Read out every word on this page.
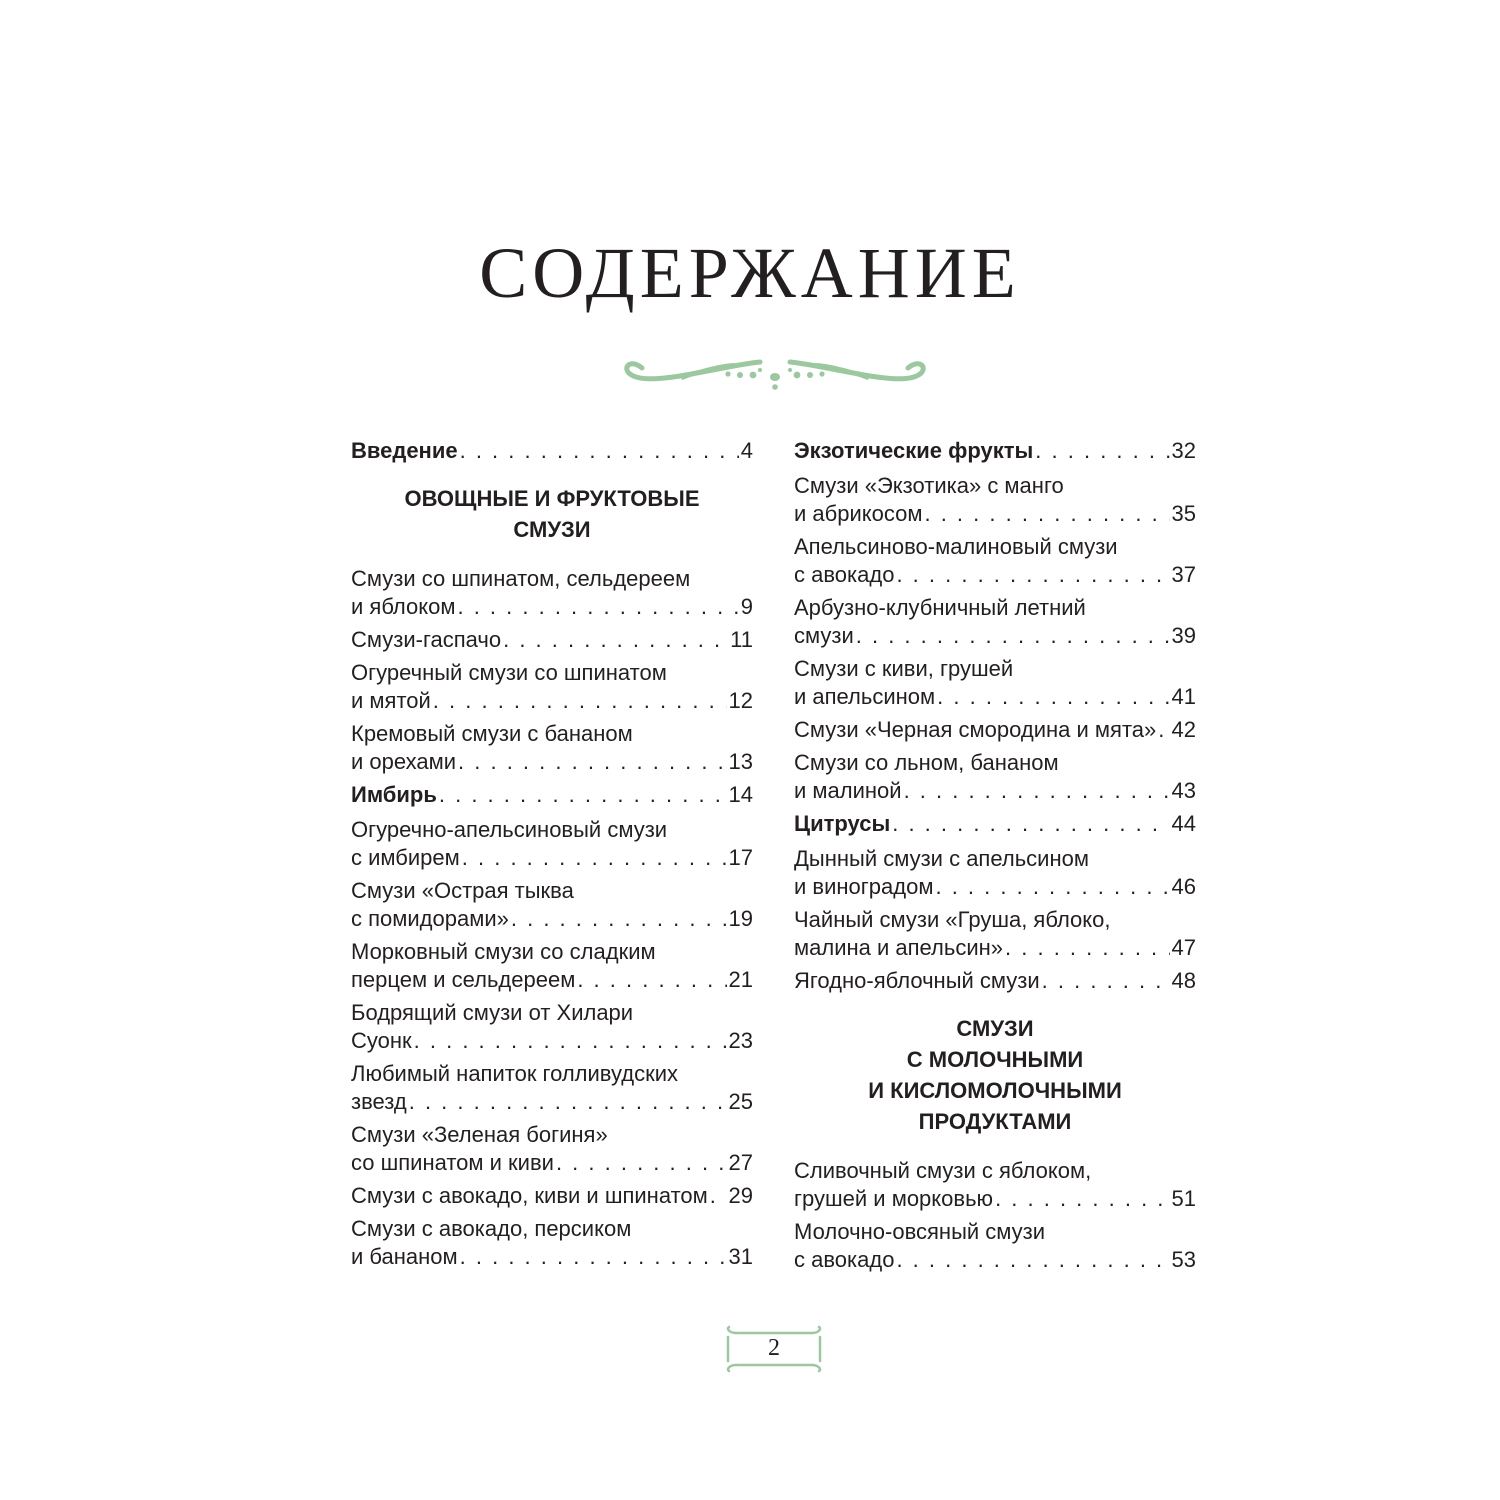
СОДЕРЖАНИЕ
Введение . . .	4
ОВОЩНЫЕ И ФРУКТОВЫЕ
СМУЗИ
Смузи со шпинатом, сельдереем
и яблоком . . .	9
Смузи-гаспачо . . .	11
Огуречный смузи со шпинатом
и мятой . . .	12
Кремовый смузи с бананом
и орехами . . .	13
Имбирь . . .	14
Огуречно-апельсиновый смузи
с имбирем . . .	17
Смузи «Острая тыква
с помидорами» . . .	19
Морковный смузи со сладким
перцем и сельдереем . . .	21
Бодрящий смузи от Хилари
Суонк . . .	23
Любимый напиток голливудских
звезд . . .	25
Смузи «Зеленая богиня»
со шпинатом и киви . . .	27
Смузи с авокадо, киви и шпинатом . . . 29
Смузи с авокадо, персиком
и бананом . . .	31
Экзотические фрукты . . .	32
Смузи «Экзотика» с манго
и абрикосом . . .	35
Апельсиново-малиновый смузи
с авокадо . . .	37
Арбузно-клубничный летний
смузи . . .	39
Смузи с киви, грушей
и апельсином . . .	41
Смузи «Черная смородина и мята» . . . 42
Смузи со льном, бананом
и малиной . . .	43
Цитрусы . . .	44
Дынный смузи с апельсином
и виноградом . . .	46
Чайный смузи «Груша, яблоко,
малина и апельсин» . . .	47
Ягодно-яблочный смузи . . .	48
СМУЗИ
С МОЛОЧНЫМИ
И КИСЛОМОЛОЧНЫМИ
ПРОДУКТАМИ
Сливочный смузи с яблоком,
грушей и морковью . . .	51
Молочно-овсяный смузи
с авокадо . . .	53
2
